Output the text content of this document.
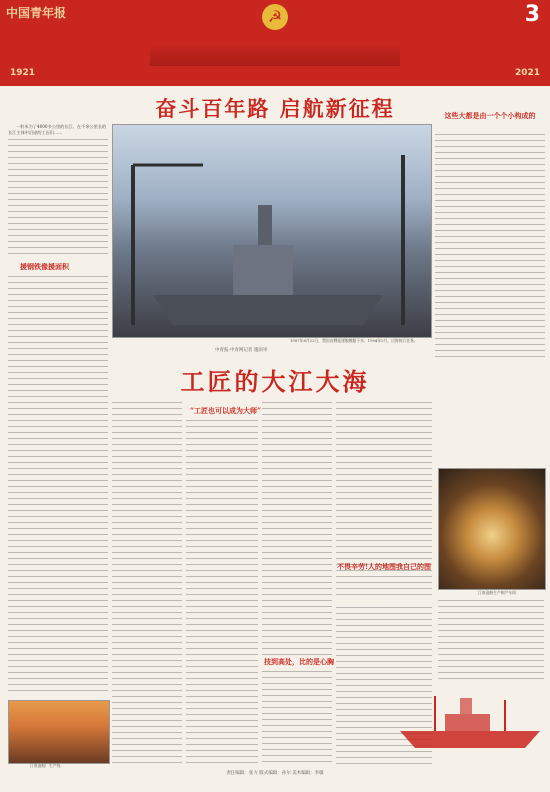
中国青年报	☭	3
1921	2021
奋斗百年路 启航新征程

一粒米为了4000多公里的长江，在千余公里长的长江主体中沿途的工匠们……

援钢铁像援面积
江南造船厂生产线
1987年6月22日，我国首艘驱逐舰舰艇下水，1994年5月，出海执行任务。
中青报·中青网记者 施雨岑
工匠的大江大海
这些大都是由一个个小构成的
“工匠也可以成为大师”
技到高处，比的是心胸
江南造船生产制产车间
不畏辛劳!人的地图我自己的图
责任编辑：张力 版式编辑：孙尔 美术编辑：李敏
